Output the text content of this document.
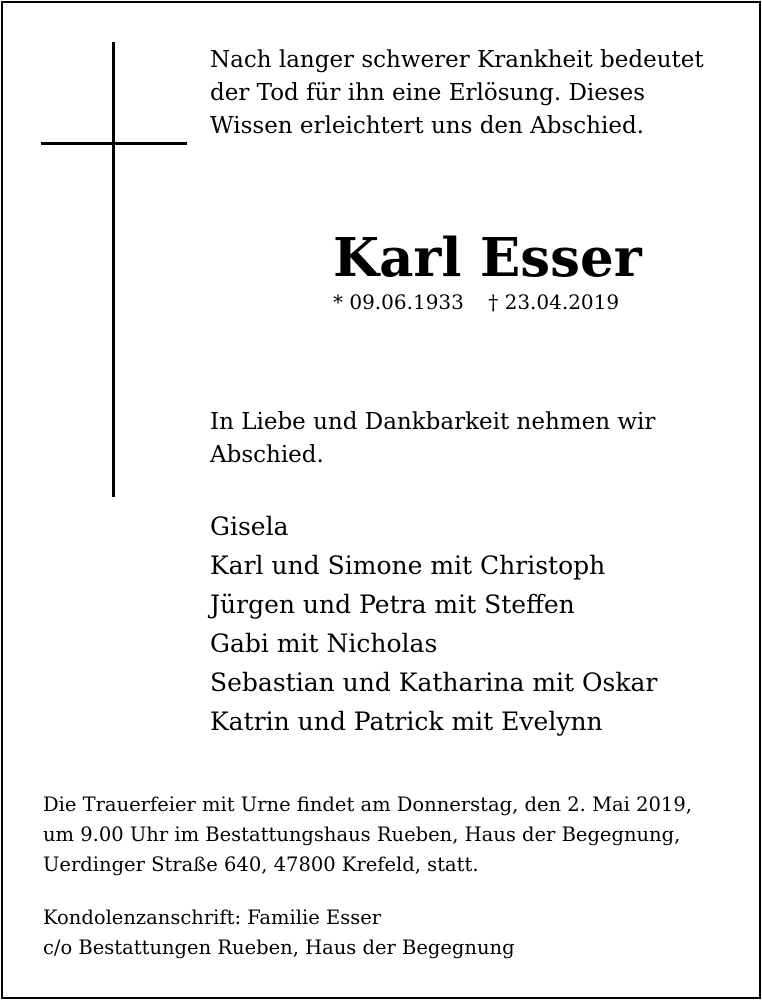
Nach langer schwerer Krankheit bedeutet
der Tod für ihn eine Erlösung. Dieses
Wissen erleichtert uns den Abschied.

Karl Esser
* 09.06.1933 † 23.04.2019

In Liebe und Dankbarkeit nehmen wir
Abschied.

Gisela
Karl und Simone mit Christoph
Jürgen und Petra mit Steffen
Gabi mit Nicholas
Sebastian und Katharina mit Oskar
Katrin und Patrick mit Evelynn

Die Trauerfeier mit Urne findet am Donnerstag, den 2. Mai 2019,
um 9.00 Uhr im Bestattungshaus Rueben, Haus der Begegnung,
Uerdinger Straße 640, 47800 Krefeld, statt.

Kondolenzanschrift: Familie Esser
c/o Bestattungen Rueben, Haus der Begegnung
